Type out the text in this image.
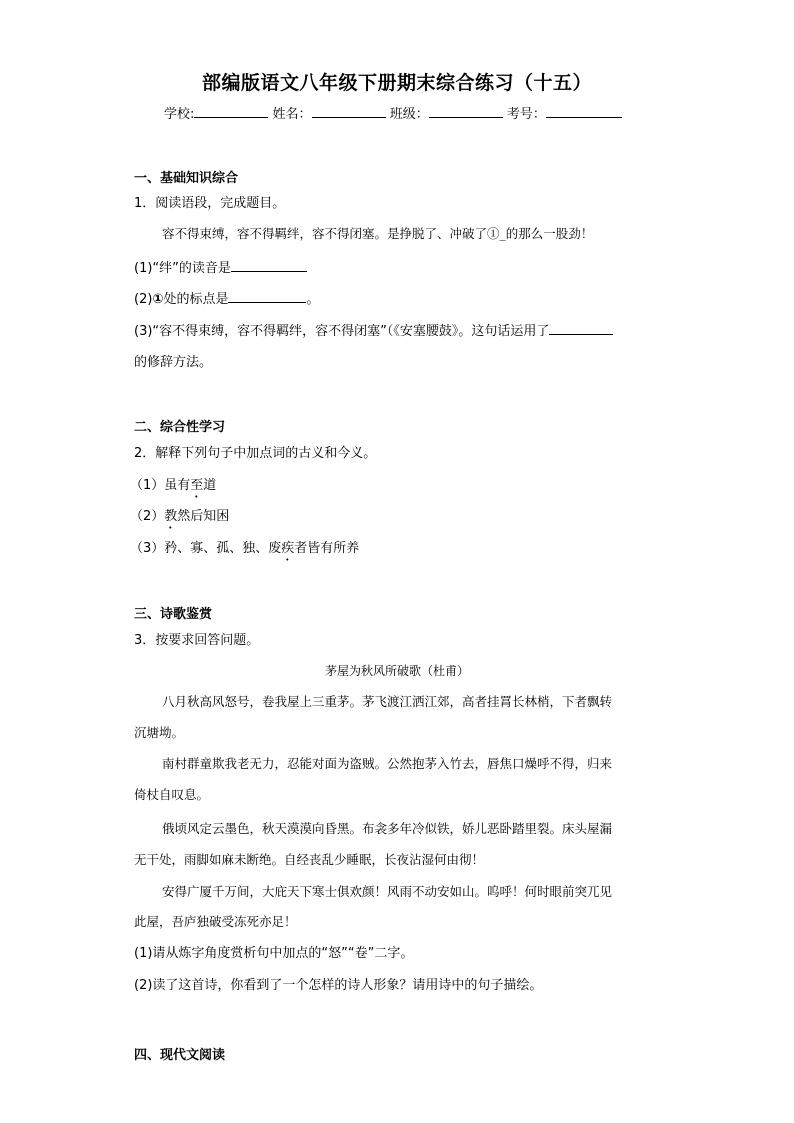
部编版语文八年级下册期末综合练习（十五）
学校:	姓名：	班级：	考号：
一、基础知识综合
1．阅读语段，完成题目。
容不得束缚，容不得羁绊，容不得闭塞。是挣脱了、冲破了①_的那么一股劲！
(1)“绊”的读音是
(2)①处的标点是	。
(3)“容不得束缚，容不得羁绊，容不得闭塞”（《安塞腰鼓》。这句话运用了
的修辞方法。
二、综合性学习
2．解释下列句子中加点词的古义和今义。
（1）虽有至道
（2）教然后知困
（3）矜、寡、孤、独、废疾者皆有所养
三、诗歌鉴赏
3．按要求回答问题。
茅屋为秋风所破歌（杜甫）
八月秋高风怒号，卷我屋上三重茅。茅飞渡江洒江郊，高者挂罥长林梢，下者飘转
沉塘坳。
南村群童欺我老无力，忍能对面为盗贼。公然抱茅入竹去，唇焦口燥呼不得，归来
倚杖自叹息。
俄顷风定云墨色，秋天漠漠向昏黑。布衾多年冷似铁，娇儿恶卧踏里裂。床头屋漏
无干处，雨脚如麻未断绝。自经丧乱少睡眠，长夜沾湿何由彻！
安得广厦千万间，大庇天下寒士俱欢颜！风雨不动安如山。呜呼！何时眼前突兀见
此屋，吾庐独破受冻死亦足！
(1)请从炼字角度赏析句中加点的“怒”“卷”二字。
(2)读了这首诗，你看到了一个怎样的诗人形象？请用诗中的句子描绘。
四、现代文阅读
